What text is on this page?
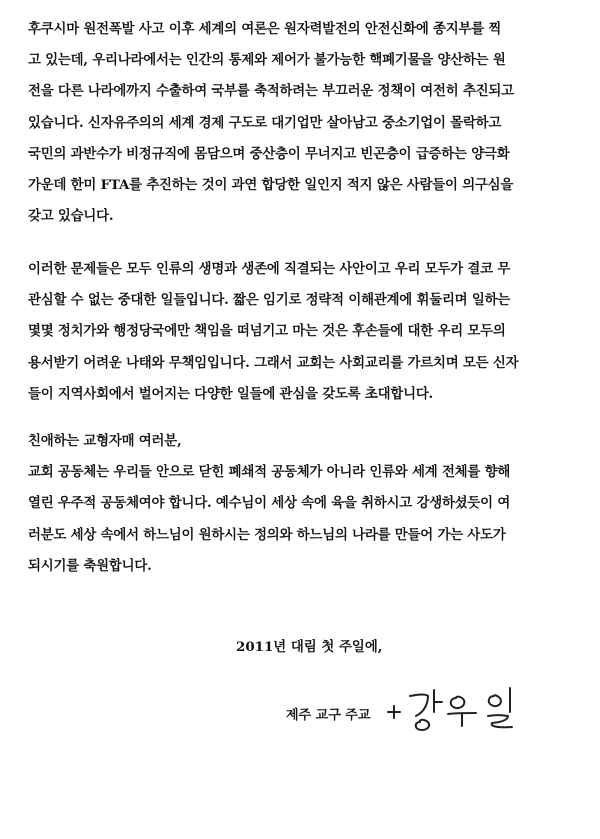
후쿠시마 원전폭발 사고 이후 세계의 여론은 원자력발전의 안전신화에 종지부를 찍
고 있는데, 우리나라에서는 인간의 통제와 제어가 불가능한 핵폐기물을 양산하는 원
전을 다른 나라에까지 수출하여 국부를 축적하려는 부끄러운 정책이 여전히 추진되고
있습니다. 신자유주의의 세계 경제 구도로 대기업만 살아남고 중소기업이 몰락하고
국민의 과반수가 비정규직에 몸담으며 중산층이 무너지고 빈곤층이 급증하는 양극화
가운데 한미 FTA를 추진하는 것이 과연 합당한 일인지 적지 않은 사람들이 의구심을
갖고 있습니다.
이러한 문제들은 모두 인류의 생명과 생존에 직결되는 사안이고 우리 모두가 결코 무
관심할 수 없는 중대한 일들입니다. 짧은 임기로 정략적 이해관계에 휘둘리며 일하는
몇몇 정치가와 행정당국에만 책임을 떠넘기고 마는 것은 후손들에 대한 우리 모두의
용서받기 어려운 나태와 무책임입니다. 그래서 교회는 사회교리를 가르치며 모든 신자
들이 지역사회에서 벌어지는 다양한 일들에 관심을 갖도록 초대합니다.
친애하는 교형자매 여러분,
교회 공동체는 우리들 안으로 닫힌 폐쇄적 공동체가 아니라 인류와 세계 전체를 향해
열린 우주적 공동체여야 합니다. 예수님이 세상 속에 육을 취하시고 강생하셨듯이 여
러분도 세상 속에서 하느님이 원하시는 정의와 하느님의 나라를 만들어 가는 사도가
되시기를 축원합니다.
2011년 대림 첫 주일에,
제주 교구 주교
